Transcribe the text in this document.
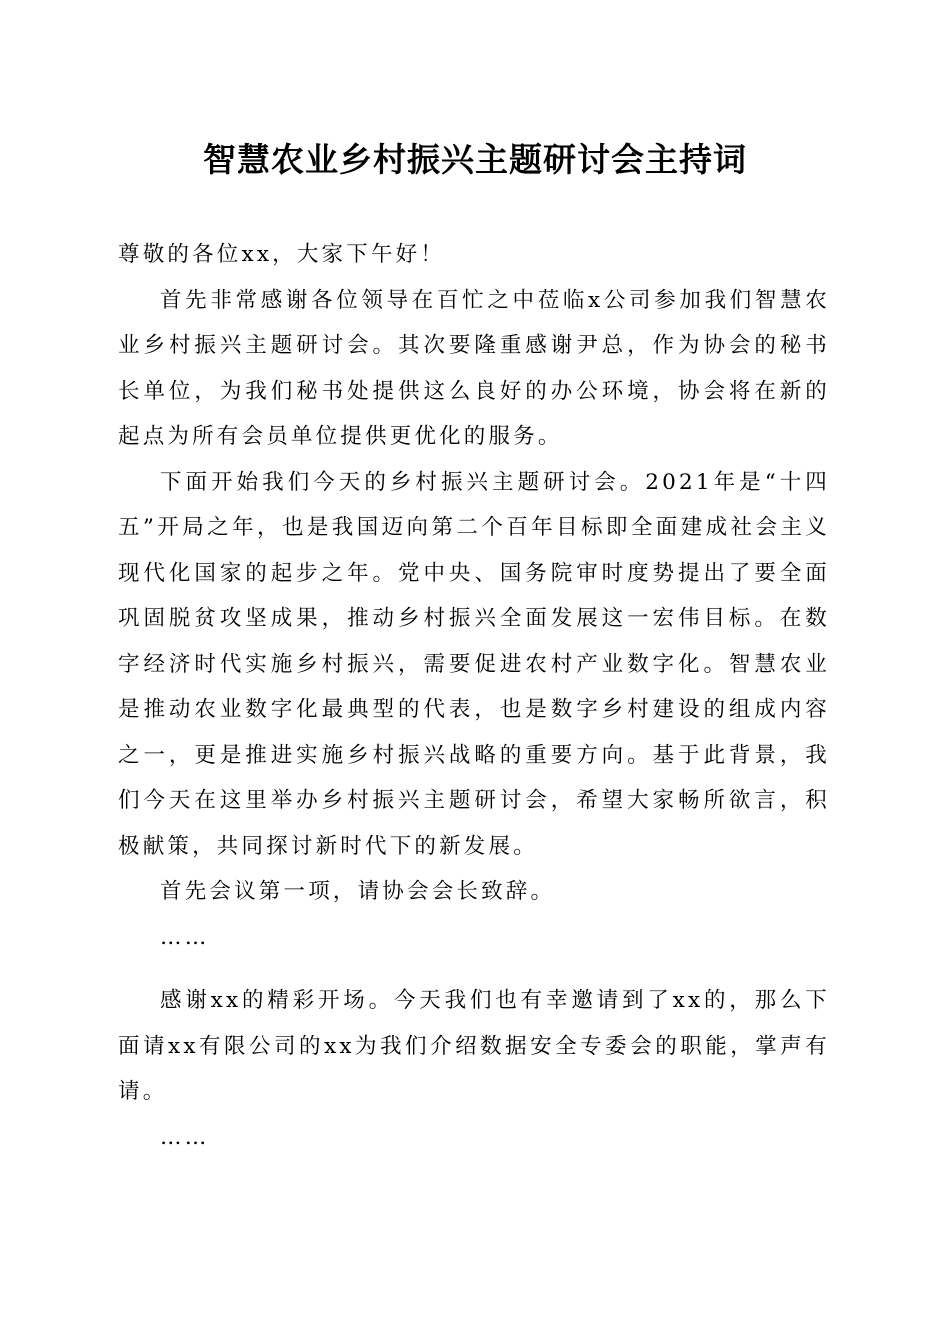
智慧农业乡村振兴主题研讨会主持词

尊敬的各位xx，大家下午好！

首先非常感谢各位领导在百忙之中莅临x公司参加我们智慧农业乡村振兴主题研讨会。其次要隆重感谢尹总，作为协会的秘书长单位，为我们秘书处提供这么良好的办公环境，协会将在新的起点为所有会员单位提供更优化的服务。

下面开始我们今天的乡村振兴主题研讨会。2021年是“十四五”开局之年，也是我国迈向第二个百年目标即全面建成社会主义现代化国家的起步之年。党中央、国务院审时度势提出了要全面巩固脱贫攻坚成果，推动乡村振兴全面发展这一宏伟目标。在数字经济时代实施乡村振兴，需要促进农村产业数字化。智慧农业是推动农业数字化最典型的代表，也是数字乡村建设的组成内容之一，更是推进实施乡村振兴战略的重要方向。基于此背景，我们今天在这里举办乡村振兴主题研讨会，希望大家畅所欲言，积极献策，共同探讨新时代下的新发展。

首先会议第一项，请协会会长致辞。

……

感谢xx的精彩开场。今天我们也有幸邀请到了xx的，那么下面请xx有限公司的xx为我们介绍数据安全专委会的职能，掌声有请。

……
